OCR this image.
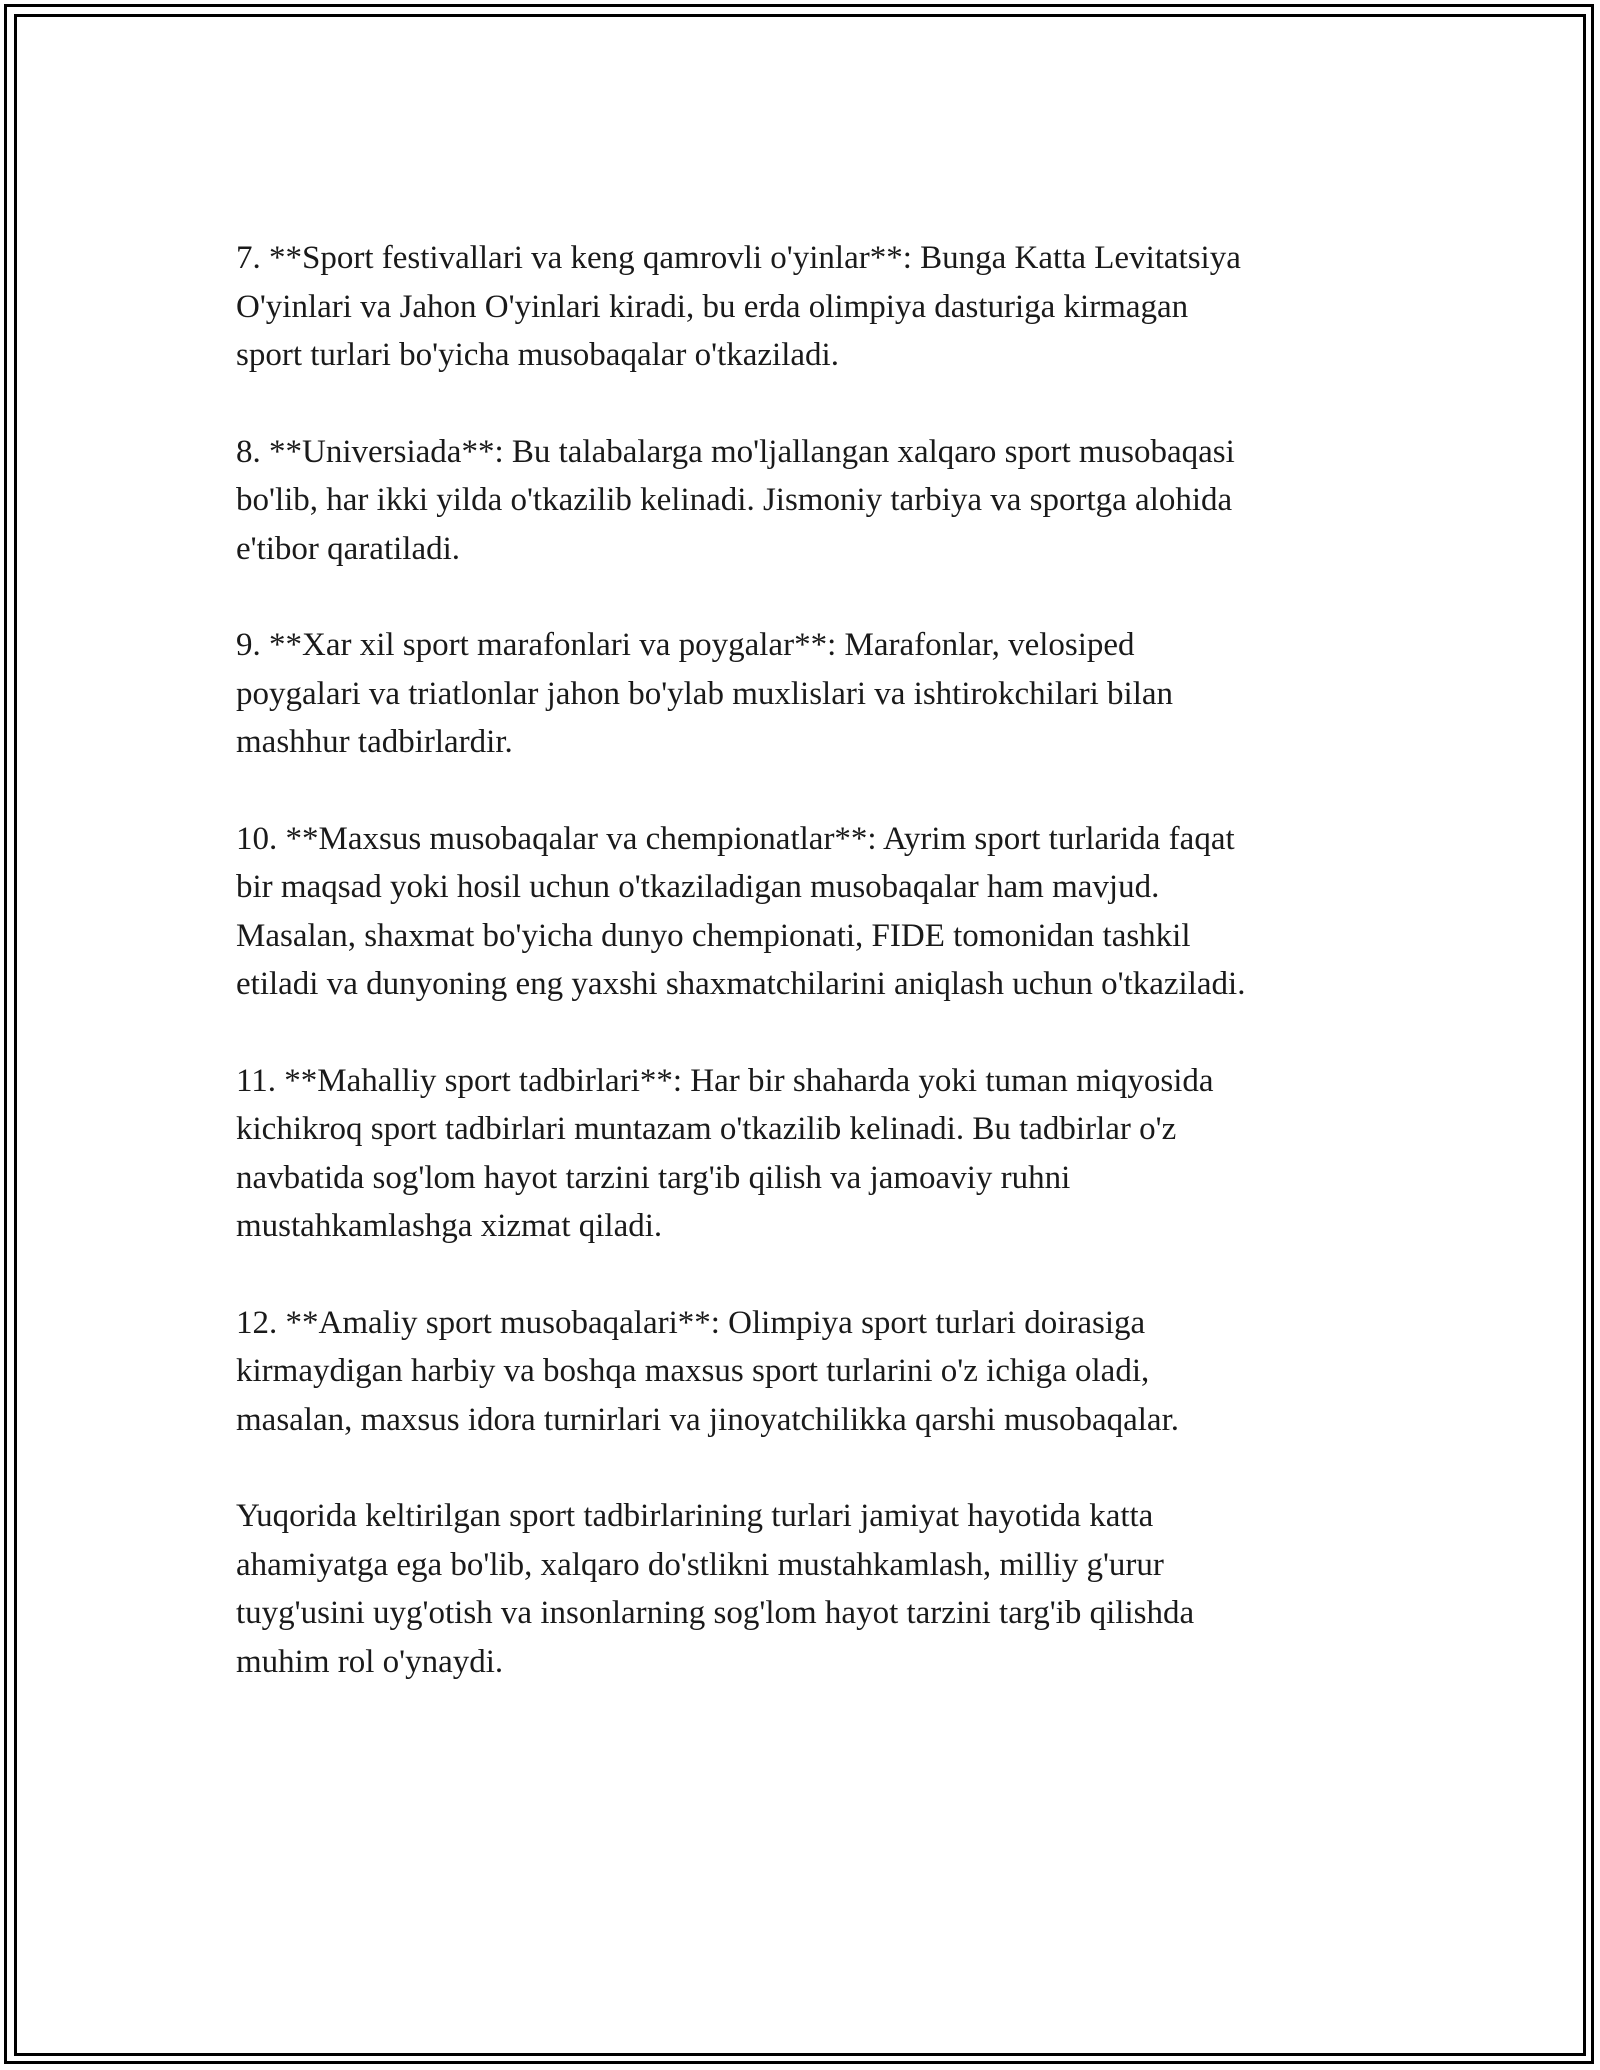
7. **Sport festivallari va keng qamrovli o'yinlar**: Bunga Katta Levitatsiya
O'yinlari va Jahon O'yinlari kiradi, bu erda olimpiya dasturiga kirmagan
sport turlari bo'yicha musobaqalar o'tkaziladi.

8. **Universiada**: Bu talabalarga mo'ljallangan xalqaro sport musobaqasi
bo'lib, har ikki yilda o'tkazilib kelinadi. Jismoniy tarbiya va sportga alohida
e'tibor qaratiladi.

9. **Xar xil sport marafonlari va poygalar**: Marafonlar, velosiped
poygalari va triatlonlar jahon bo'ylab muxlislari va ishtirokchilari bilan
mashhur tadbirlardir.

10. **Maxsus musobaqalar va chempionatlar**: Ayrim sport turlarida faqat
bir maqsad yoki hosil uchun o'tkaziladigan musobaqalar ham mavjud.
Masalan, shaxmat bo'yicha dunyo chempionati, FIDE tomonidan tashkil
etiladi va dunyoning eng yaxshi shaxmatchilarini aniqlash uchun o'tkaziladi.

11. **Mahalliy sport tadbirlari**: Har bir shaharda yoki tuman miqyosida
kichikroq sport tadbirlari muntazam o'tkazilib kelinadi. Bu tadbirlar o'z
navbatida sog'lom hayot tarzini targ'ib qilish va jamoaviy ruhni
mustahkamlashga xizmat qiladi.

12. **Amaliy sport musobaqalari**: Olimpiya sport turlari doirasiga
kirmaydigan harbiy va boshqa maxsus sport turlarini o'z ichiga oladi,
masalan, maxsus idora turnirlari va jinoyatchilikka qarshi musobaqalar.

Yuqorida keltirilgan sport tadbirlarining turlari jamiyat hayotida katta
ahamiyatga ega bo'lib, xalqaro do'stlikni mustahkamlash, milliy g'urur
tuyg'usini uyg'otish va insonlarning sog'lom hayot tarzini targ'ib qilishda
muhim rol o'ynaydi.
